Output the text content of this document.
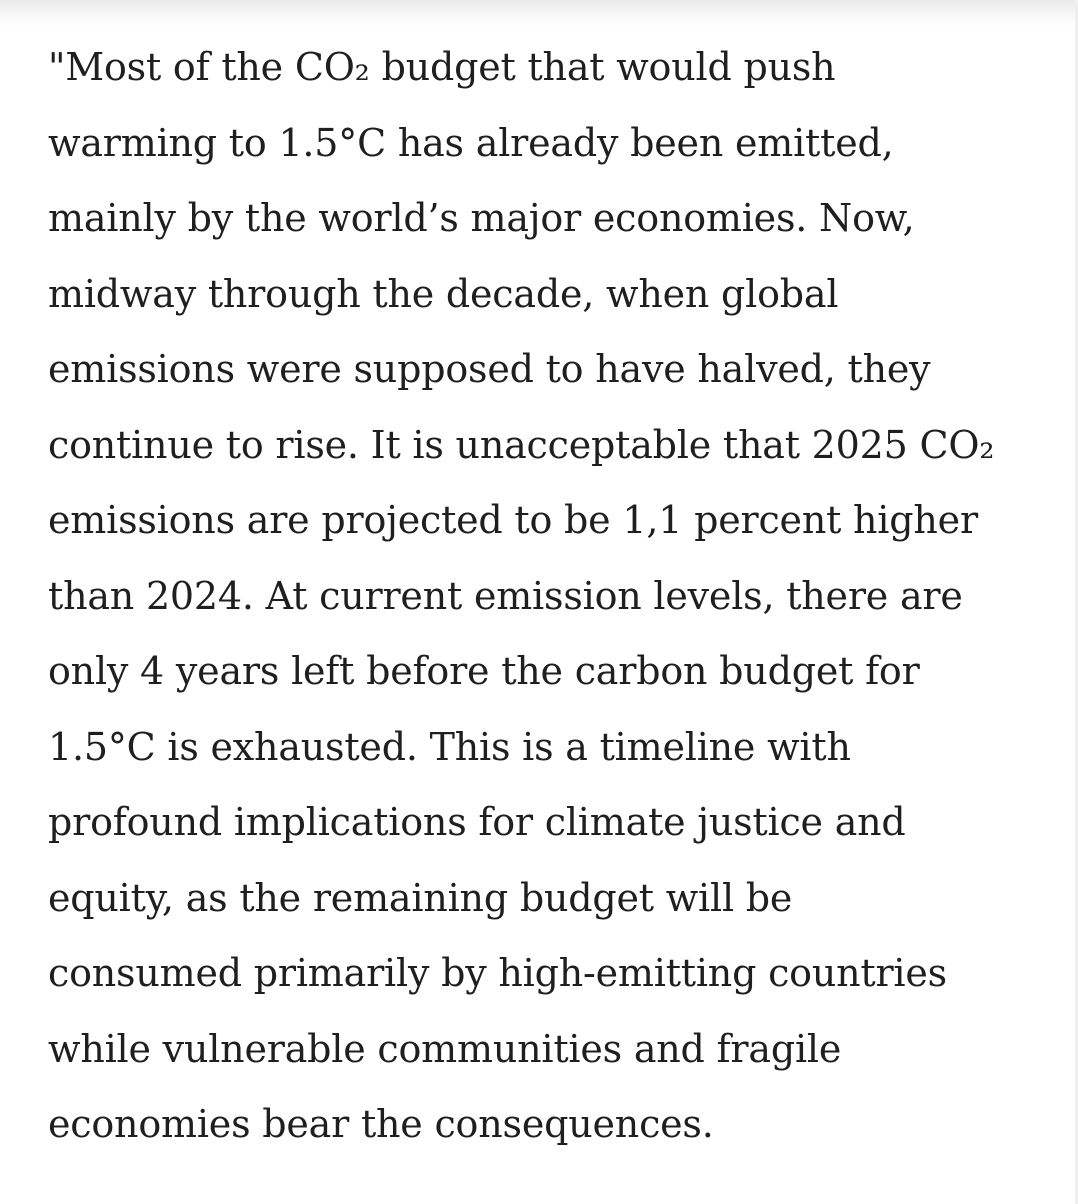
"Most of the CO₂ budget that would push
warming to 1.5°C has already been emitted,
mainly by the world’s major economies. Now,
midway through the decade, when global
emissions were supposed to have halved, they
continue to rise. It is unacceptable that 2025 CO₂
emissions are projected to be 1,1 percent higher
than 2024. At current emission levels, there are
only 4 years left before the carbon budget for
1.5°C is exhausted. This is a timeline with
profound implications for climate justice and
equity, as the remaining budget will be
consumed primarily by high-emitting countries
while vulnerable communities and fragile
economies bear the consequences.
